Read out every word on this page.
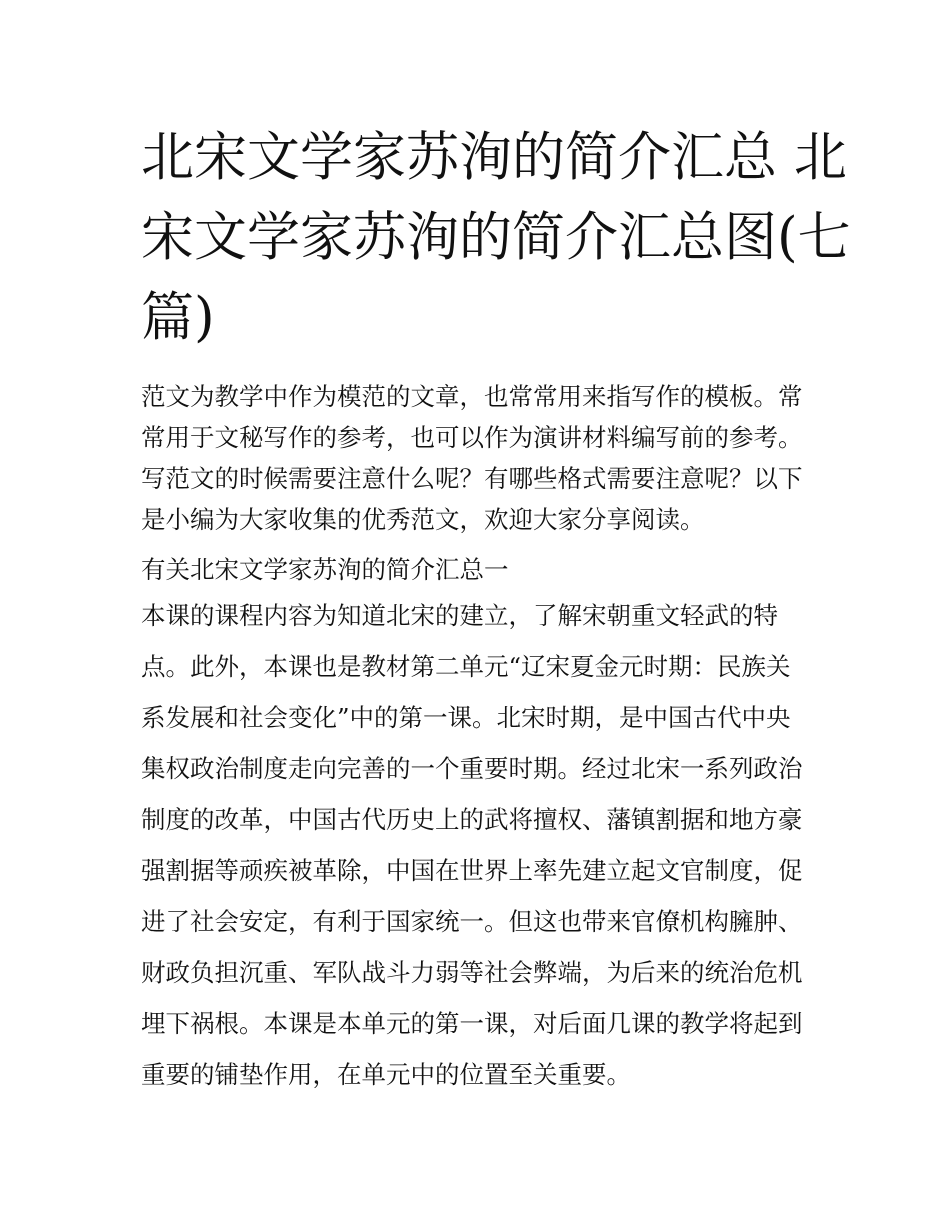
北宋文学家苏洵的简介汇总 北
宋文学家苏洵的简介汇总图(七
篇)
范文为教学中作为模范的文章，也常常用来指写作的模板。常
常用于文秘写作的参考，也可以作为演讲材料编写前的参考。
写范文的时候需要注意什么呢？有哪些格式需要注意呢？以下
是小编为大家收集的优秀范文，欢迎大家分享阅读。
有关北宋文学家苏洵的简介汇总一
本课的课程内容为知道北宋的建立，了解宋朝重文轻武的特
点。此外，本课也是教材第二单元“辽宋夏金元时期：民族关
系发展和社会变化”中的第一课。北宋时期，是中国古代中央
集权政治制度走向完善的一个重要时期。经过北宋一系列政治
制度的改革，中国古代历史上的武将擅权、藩镇割据和地方豪
强割据等顽疾被革除，中国在世界上率先建立起文官制度，促
进了社会安定，有利于国家统一。但这也带来官僚机构臃肿、
财政负担沉重、军队战斗力弱等社会弊端，为后来的统治危机
埋下祸根。本课是本单元的第一课，对后面几课的教学将起到
重要的铺垫作用，在单元中的位置至关重要。
